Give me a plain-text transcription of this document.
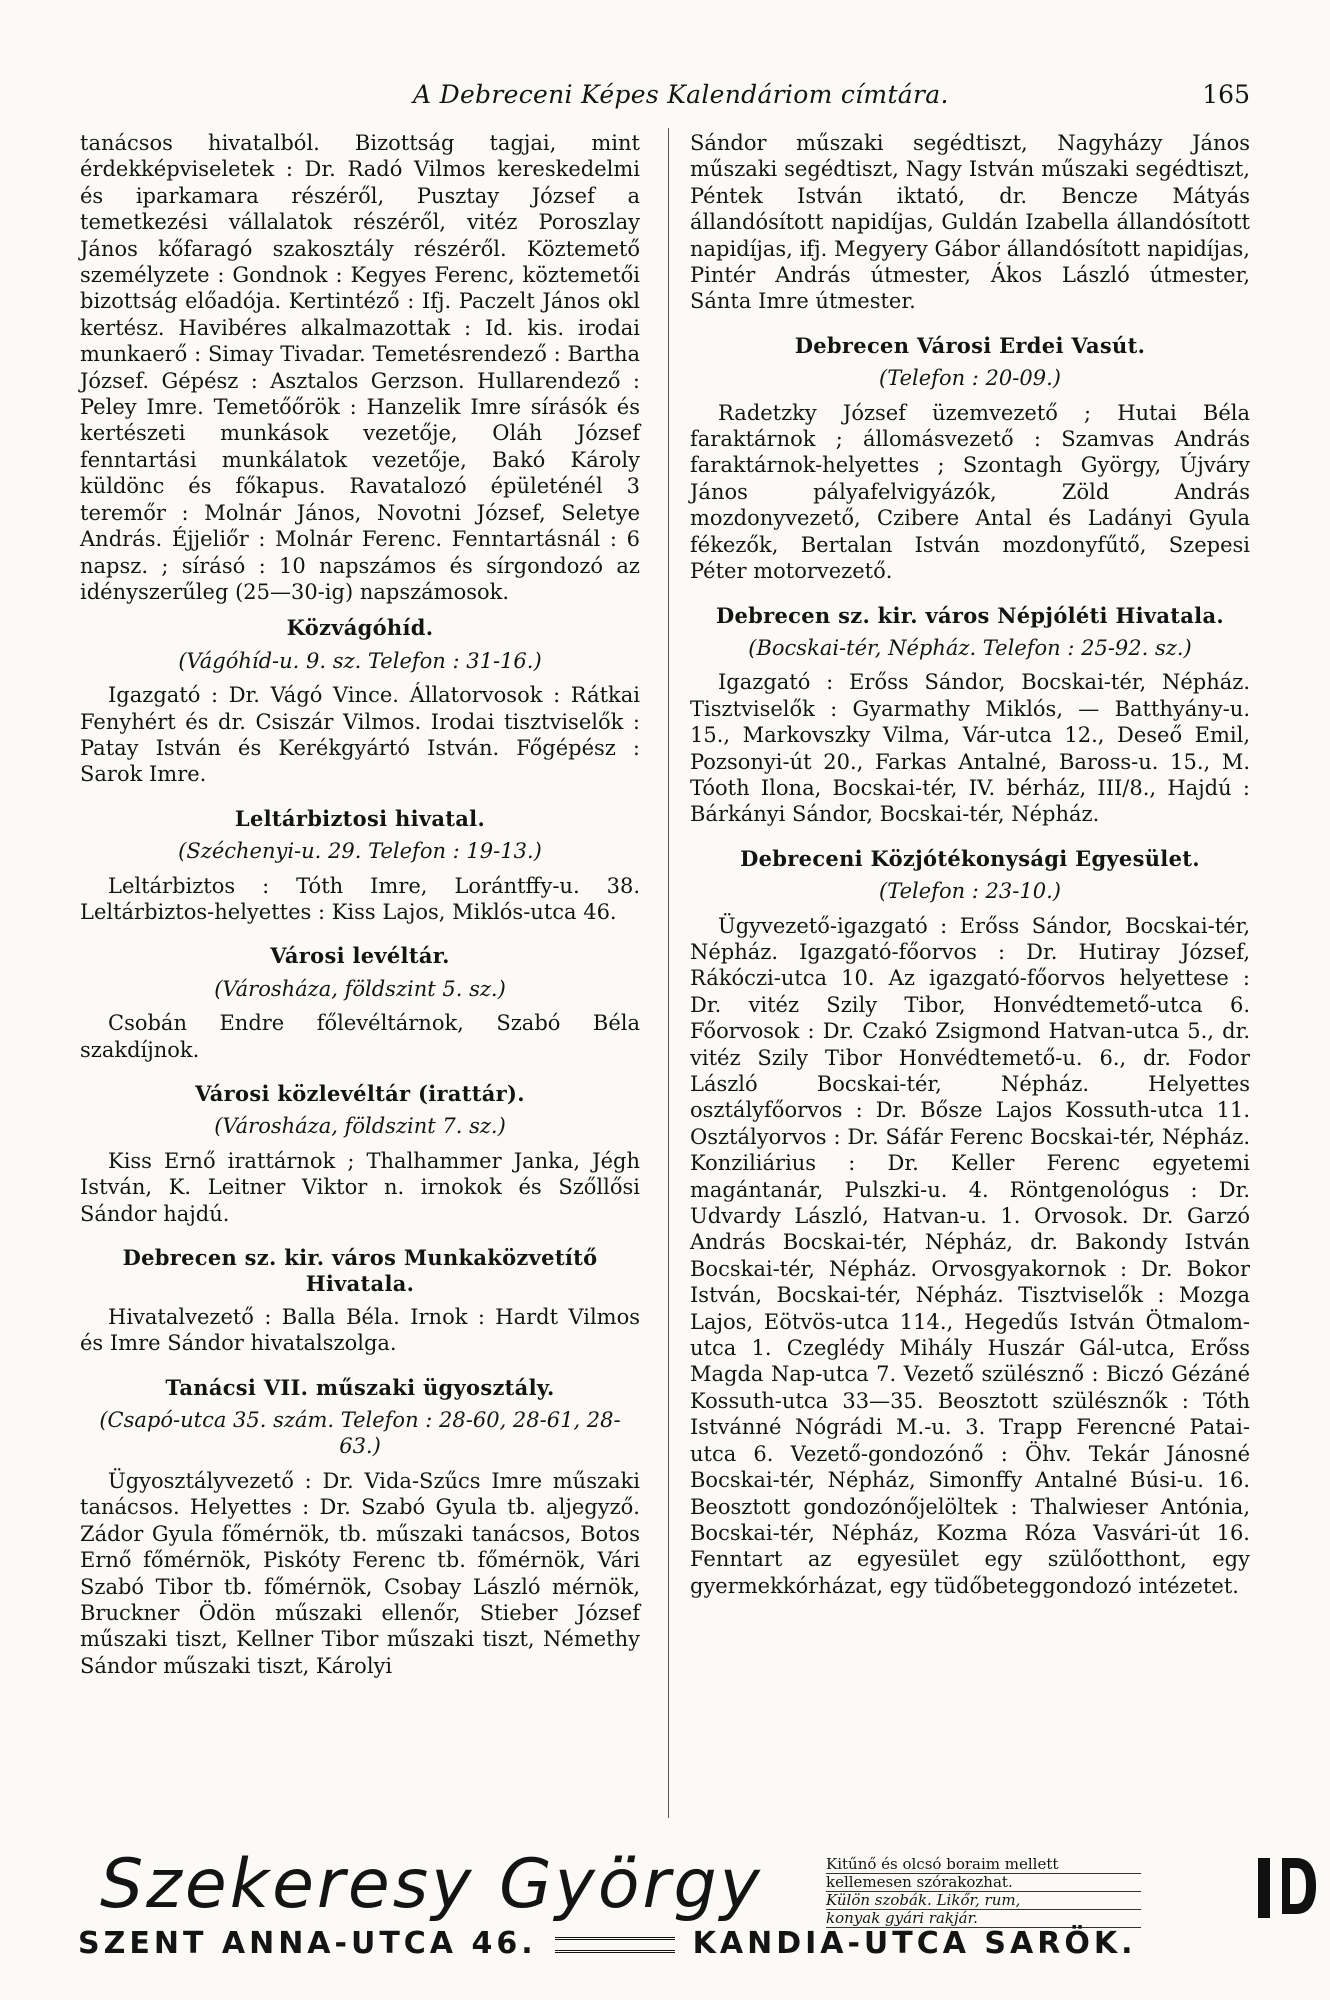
A Debreceni Képes Kalendáriom címtára.	165

tanácsos hivatalból. Bizottság tagjai, mint érdekképviseletek : Dr. Radó Vilmos kereskedelmi és iparkamara részéről, Pusztay József a temetkezési vállalatok részéről, vitéz Poroszlay János kőfaragó szakosztály részéről. Köztemető személyzete : Gondnok : Kegyes Ferenc, köztemetői bizottság előadója. Kertintéző : Ifj. Paczelt János okl kertész. Havibéres alkalmazottak : Id. kis. irodai munkaerő : Simay Tivadar. Temetésrendező : Bartha József. Gépész : Asztalos Gerzson. Hullarendező : Peley Imre. Temetőőrök : Hanzelik Imre sírásók és kertészeti munkások vezetője, Oláh József fenntartási munkálatok vezetője, Bakó Károly küldönc és főkapus. Ravatalozó épületénél 3 teremőr : Molnár János, Novotni József, Seletye András. Éjjeliőr : Molnár Ferenc. Fenntartásnál : 6 napsz. ; sírásó : 10 napszámos és sírgondozó az idényszerűleg (25—30-ig) napszámosok.

Közvágóhíd.
(Vágóhíd-u. 9. sz. Telefon : 31-16.)

Igazgató : Dr. Vágó Vince. Állatorvosok : Rátkai Fenyhért és dr. Csiszár Vilmos. Irodai tisztviselők : Patay István és Kerékgyártó István. Főgépész : Sarok Imre.

Leltárbiztosi hivatal.
(Széchenyi-u. 29. Telefon : 19-13.)

Leltárbiztos : Tóth Imre, Lorántffy-u. 38. Leltárbiztos-helyettes : Kiss Lajos, Miklós-utca 46.

Városi levéltár.
(Városháza, földszint 5. sz.)

Csobán Endre főlevéltárnok, Szabó Béla szakdíjnok.

Városi közlevéltár (irattár).
(Városháza, földszint 7. sz.)

Kiss Ernő irattárnok ; Thalhammer Janka, Jégh István, K. Leitner Viktor n. irnokok és Szőllősi Sándor hajdú.

Debrecen sz. kir. város Munkaközvetítő Hivatala.

Hivatalvezető : Balla Béla. Irnok : Hardt Vilmos és Imre Sándor hivatalszolga.

Tanácsi VII. műszaki ügyosztály.
(Csapó-utca 35. szám. Telefon : 28-60, 28-61, 28-63.)

Ügyosztályvezető : Dr. Vida-Szűcs Imre műszaki tanácsos. Helyettes : Dr. Szabó Gyula tb. aljegyző. Zádor Gyula főmérnök, tb. műszaki tanácsos, Botos Ernő főmérnök, Piskóty Ferenc tb. főmérnök, Vári Szabó Tibor tb. főmérnök, Csobay László mérnök, Bruckner Ödön műszaki ellenőr, Stieber József műszaki tiszt, Kellner Tibor műszaki tiszt, Némethy Sándor műszaki tiszt, Károlyi

Sándor műszaki segédtiszt, Nagyházy János műszaki segédtiszt, Nagy István műszaki segédtiszt, Péntek István iktató, dr. Bencze Mátyás állandósított napidíjas, Guldán Izabella állandósított napidíjas, ifj. Megyery Gábor állandósított napidíjas, Pintér András útmester, Ákos László útmester, Sánta Imre útmester.

Debrecen Városi Erdei Vasút.
(Telefon : 20-09.)

Radetzky József üzemvezető ; Hutai Béla faraktárnok ; állomásvezető : Szamvas András faraktárnok-helyettes ; Szontagh György, Újváry János pályafelvigyázók, Zöld András mozdonyvezető, Czibere Antal és Ladányi Gyula fékezők, Bertalan István mozdonyfűtő, Szepesi Péter motorvezető.

Debrecen sz. kir. város Népjóléti Hivatala.
(Bocskai-tér, Népház. Telefon : 25-92. sz.)

Igazgató : Erőss Sándor, Bocskai-tér, Népház. Tisztviselők : Gyarmathy Miklós, — Batthyány-u. 15., Markovszky Vilma, Vár-utca 12., Deseő Emil, Pozsonyi-út 20., Farkas Antalné, Baross-u. 15., M. Tóoth Ilona, Bocskai-tér, IV. bérház, III/8., Hajdú : Bárkányi Sándor, Bocskai-tér, Népház.

Debreceni Közjótékonysági Egyesület.
(Telefon : 23-10.)

Ügyvezető-igazgató : Erőss Sándor, Bocskai-tér, Népház. Igazgató-főorvos : Dr. Hutiray József, Rákóczi-utca 10. Az igazgató-főorvos helyettese : Dr. vitéz Szily Tibor, Honvédtemető-utca 6. Főorvosok : Dr. Czakó Zsigmond Hatvan-utca 5., dr. vitéz Szily Tibor Honvédtemető-u. 6., dr. Fodor László Bocskai-tér, Népház. Helyettes osztályfőorvos : Dr. Bősze Lajos Kossuth-utca 11. Osztályorvos : Dr. Sáfár Ferenc Bocskai-tér, Népház. Konziliárius : Dr. Keller Ferenc egyetemi magántanár, Pulszki-u. 4. Röntgenológus : Dr. Udvardy László, Hatvan-u. 1. Orvosok. Dr. Garzó András Bocskai-tér, Népház, dr. Bakondy István Bocskai-tér, Népház. Orvosgyakornok : Dr. Bokor István, Bocskai-tér, Népház. Tisztviselők : Mozga Lajos, Eötvös-utca 114., Hegedűs István Ötmalom-utca 1. Czeglédy Mihály Huszár Gál-utca, Erőss Magda Nap-utca 7. Vezető szülésznő : Biczó Gézáné Kossuth-utca 33—35. Beosztott szülésznők : Tóth Istvánné Nógrádi M.-u. 3. Trapp Ferencné Patai-utca 6. Vezető-gondozónő : Öhv. Tekár Jánosné Bocskai-tér, Népház, Simonffy Antalné Búsi-u. 16. Beosztott gondozónőjelöltek : Thalwieser Antónia, Bocskai-tér, Népház, Kozma Róza Vasvári-út 16. Fenntart az egyesület egy szülőotthont, egy gyermekkórházat, egy tüdőbeteggondozó intézetet.

Szekeresy György	Kitűnő és olcsó boraim mellett

kellemesen szórakozhat.

Külön szobák. Likőr, rum,

konyak gyári rakjár.

SZENT ANNA-UTCA 46.	KANDIA-UTCA SARÖK.
